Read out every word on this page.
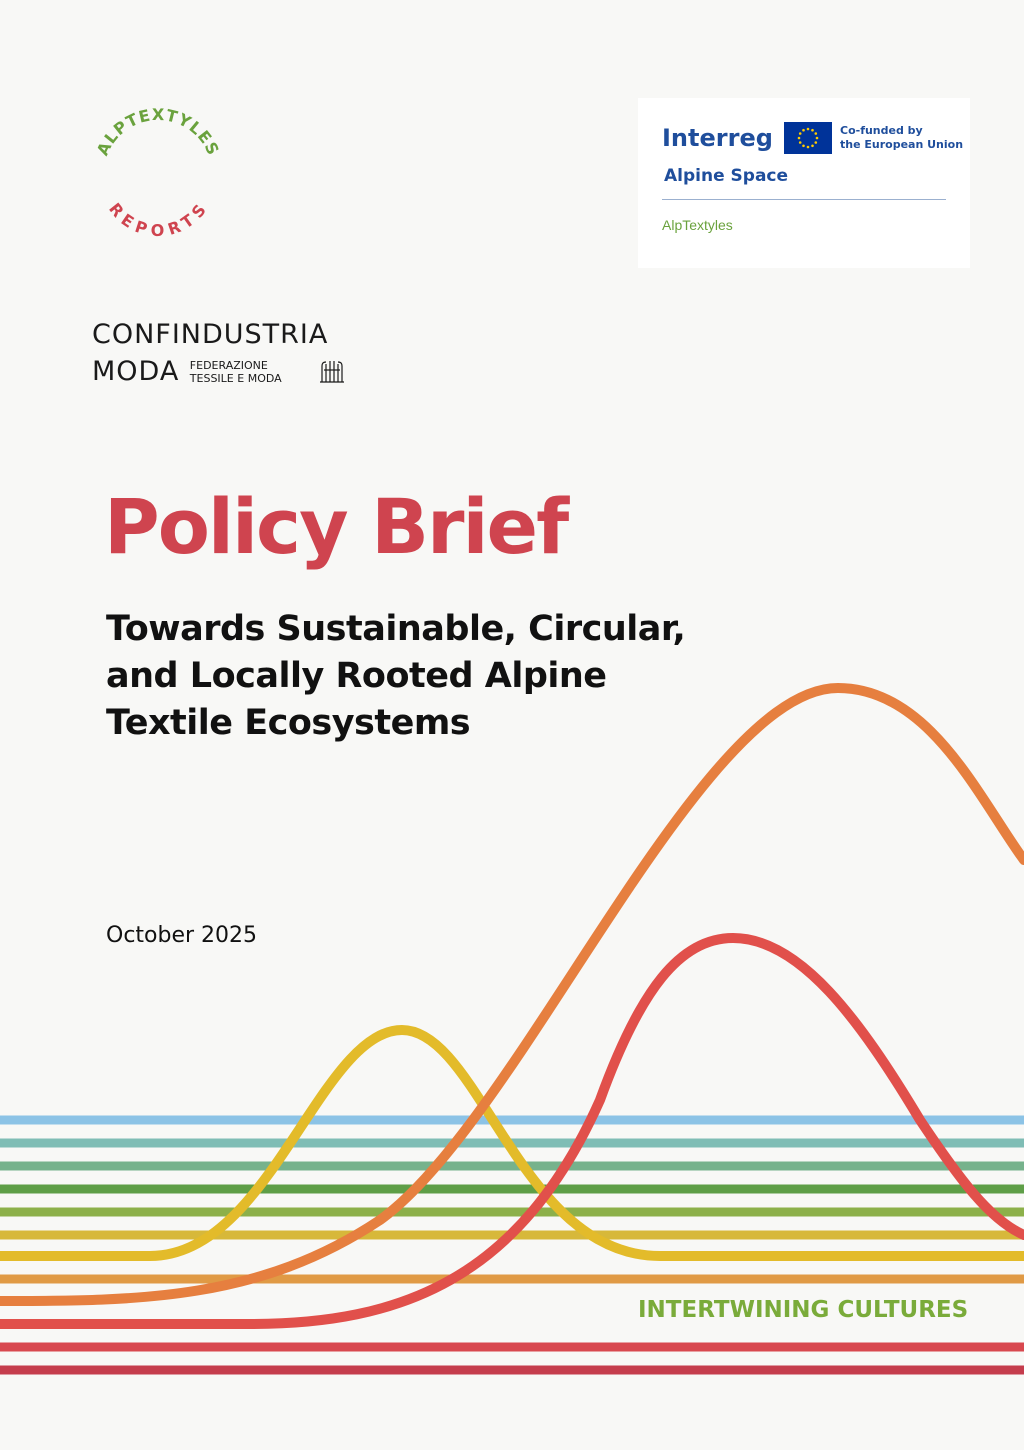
ALPTEXTYLES
REPORTS
Interreg	Co-funded by
the European Union
Alpine Space
AlpTextyles
CONFINDUSTRIA
MODA FEDERAZIONE
TESSILE E MODA
Policy Brief
Towards Sustainable, Circular,
and Locally Rooted Alpine
Textile Ecosystems
October 2025
INTERTWINING CULTURES
